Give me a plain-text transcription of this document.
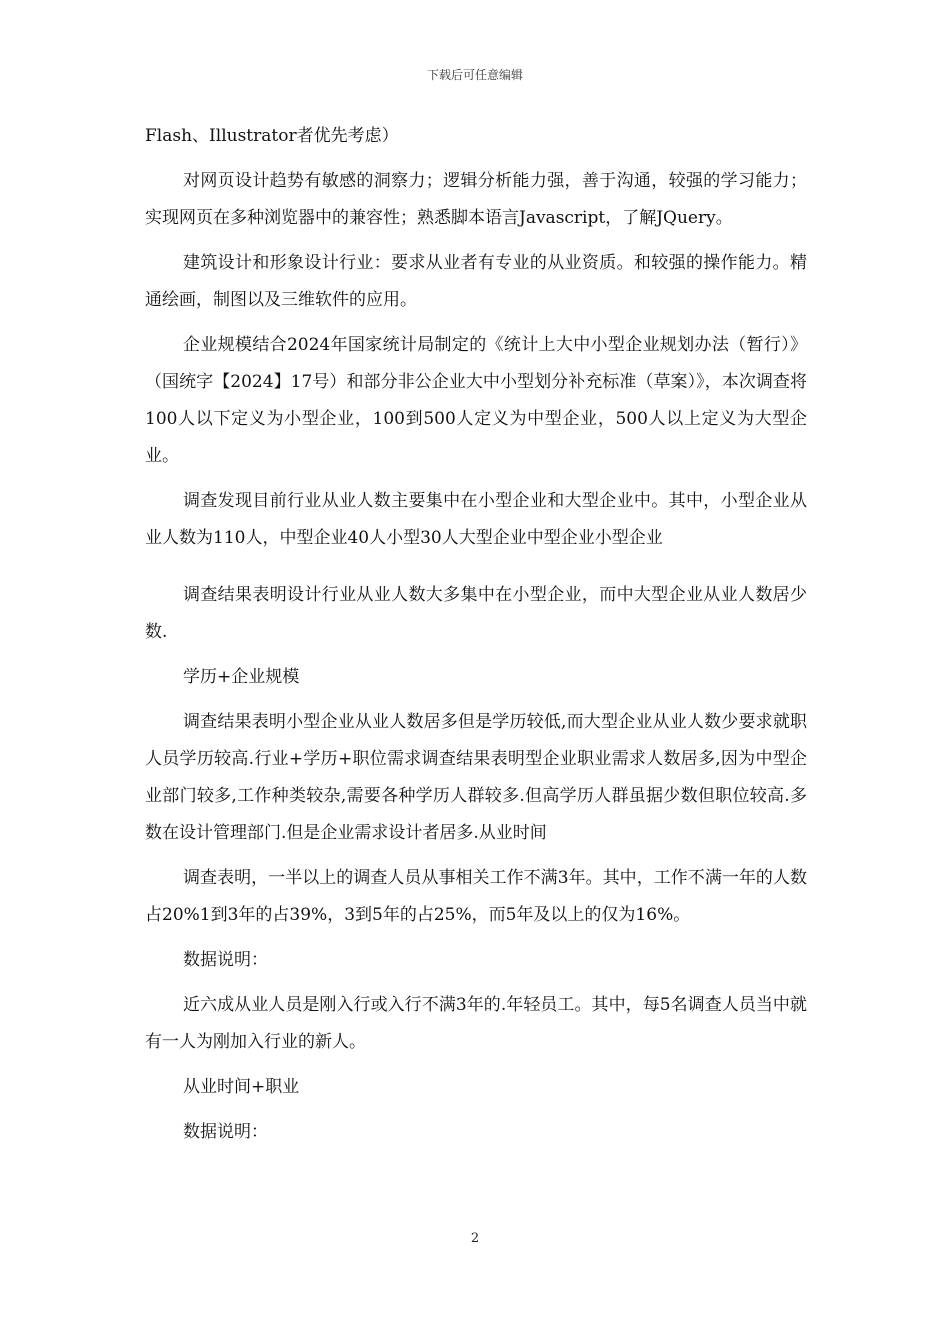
下载后可任意编辑

Flash、Illustrator者优先考虑）

对网页设计趋势有敏感的洞察力；逻辑分析能力强，善于沟通，较强的学习能力；实现网页在多种浏览器中的兼容性；熟悉脚本语言Javascript，了解JQuery。

建筑设计和形象设计行业：要求从业者有专业的从业资质。和较强的操作能力。精通绘画，制图以及三维软件的应用。

企业规模结合2024年国家统计局制定的《统计上大中小型企业规划办法（暂行）》（国统字【2024】17号）和部分非公企业大中小型划分补充标准（草案）》，本次调查将100人以下定义为小型企业，100到500人定义为中型企业，500人以上定义为大型企业。

调查发现目前行业从业人数主要集中在小型企业和大型企业中。其中，小型企业从业人数为110人，中型企业40人小型30人大型企业中型企业小型企业

调查结果表明设计行业从业人数大多集中在小型企业，而中大型企业从业人数居少数.

学历+企业规模

调查结果表明小型企业从业人数居多但是学历较低,而大型企业从业人数少要求就职人员学历较高.行业+学历+职位需求调查结果表明型企业职业需求人数居多,因为中型企业部门较多,工作种类较杂,需要各种学历人群较多.但高学历人群虽据少数但职位较高.多数在设计管理部门.但是企业需求设计者居多.从业时间

调查表明，一半以上的调查人员从事相关工作不满3年。其中，工作不满一年的人数占20%1到3年的占39%，3到5年的占25%，而5年及以上的仅为16%。

数据说明：

近六成从业人员是刚入行或入行不满3年的.年轻员工。其中，每5名调查人员当中就有一人为刚加入行业的新人。

从业时间+职业

数据说明：

2
